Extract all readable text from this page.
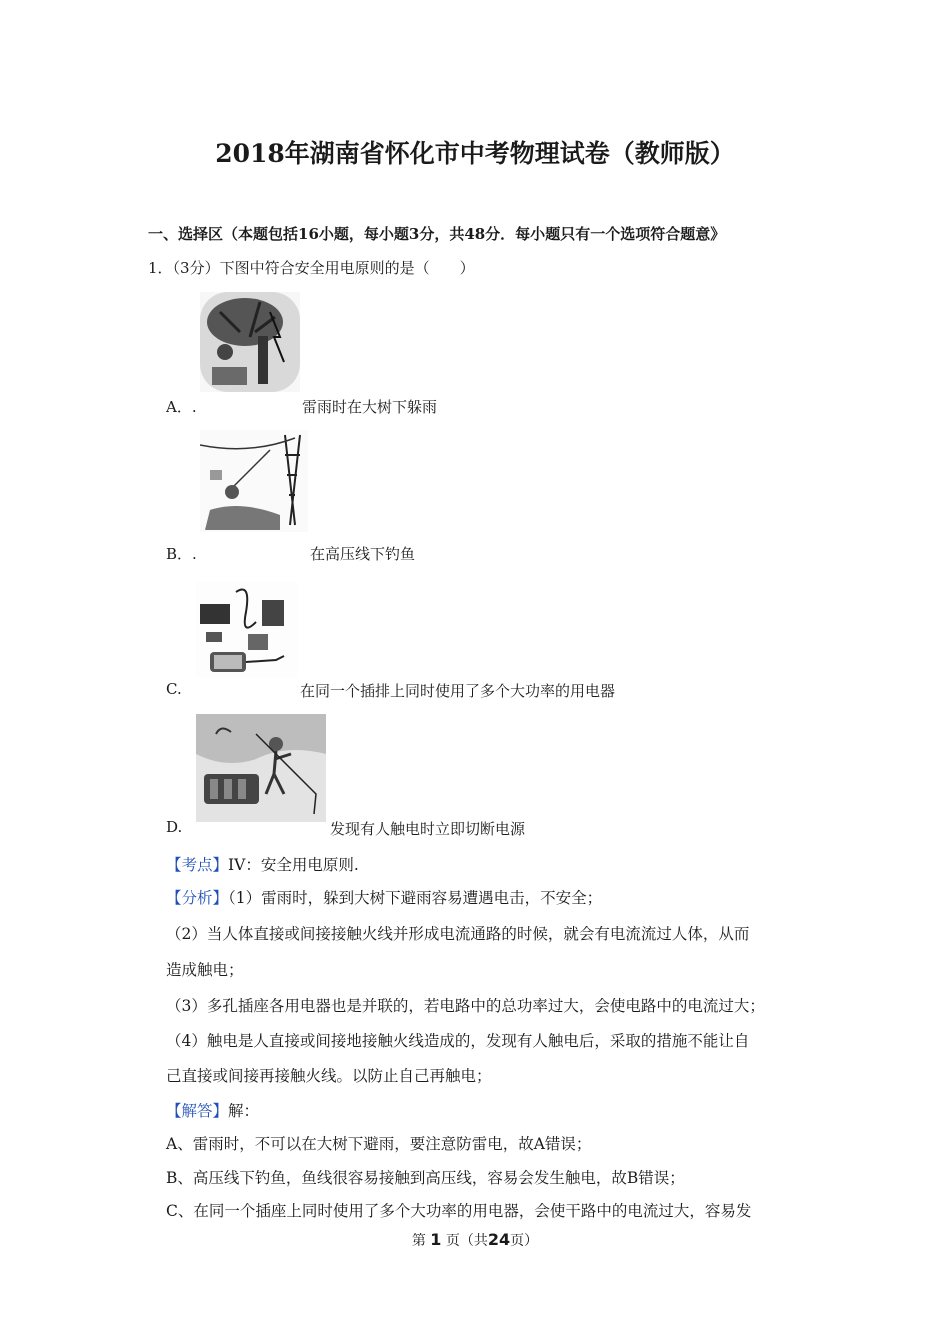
2018年湖南省怀化市中考物理试卷（教师版）
一、选择区（本题包括16小题，每小题3分，共48分．每小题只有一个选项符合题意》
1．（3分）下图中符合安全用电原则的是（　　）
A．.	雷雨时在大树下躲雨
B．.	在高压线下钓鱼
C.	在同一个插排上同时使用了多个大功率的用电器
D.	发现有人触电时立即切断电源
【考点】IV：安全用电原则.
【分析】（1）雷雨时，躲到大树下避雨容易遭遇电击，不安全；
（2）当人体直接或间接接触火线并形成电流通路的时候，就会有电流流过人体，从而
造成触电；
（3）多孔插座各用电器也是并联的，若电路中的总功率过大，会使电路中的电流过大；
（4）触电是人直接或间接地接触火线造成的，发现有人触电后，采取的措施不能让自
己直接或间接再接触火线。以防止自己再触电；
【解答】解：
A、雷雨时，不可以在大树下避雨，要注意防雷电，故A错误；
B、高压线下钓鱼，鱼线很容易接触到高压线，容易会发生触电，故B错误；
C、在同一个插座上同时使用了多个大功率的用电器，会使干路中的电流过大，容易发
第 1 页（共24页）
